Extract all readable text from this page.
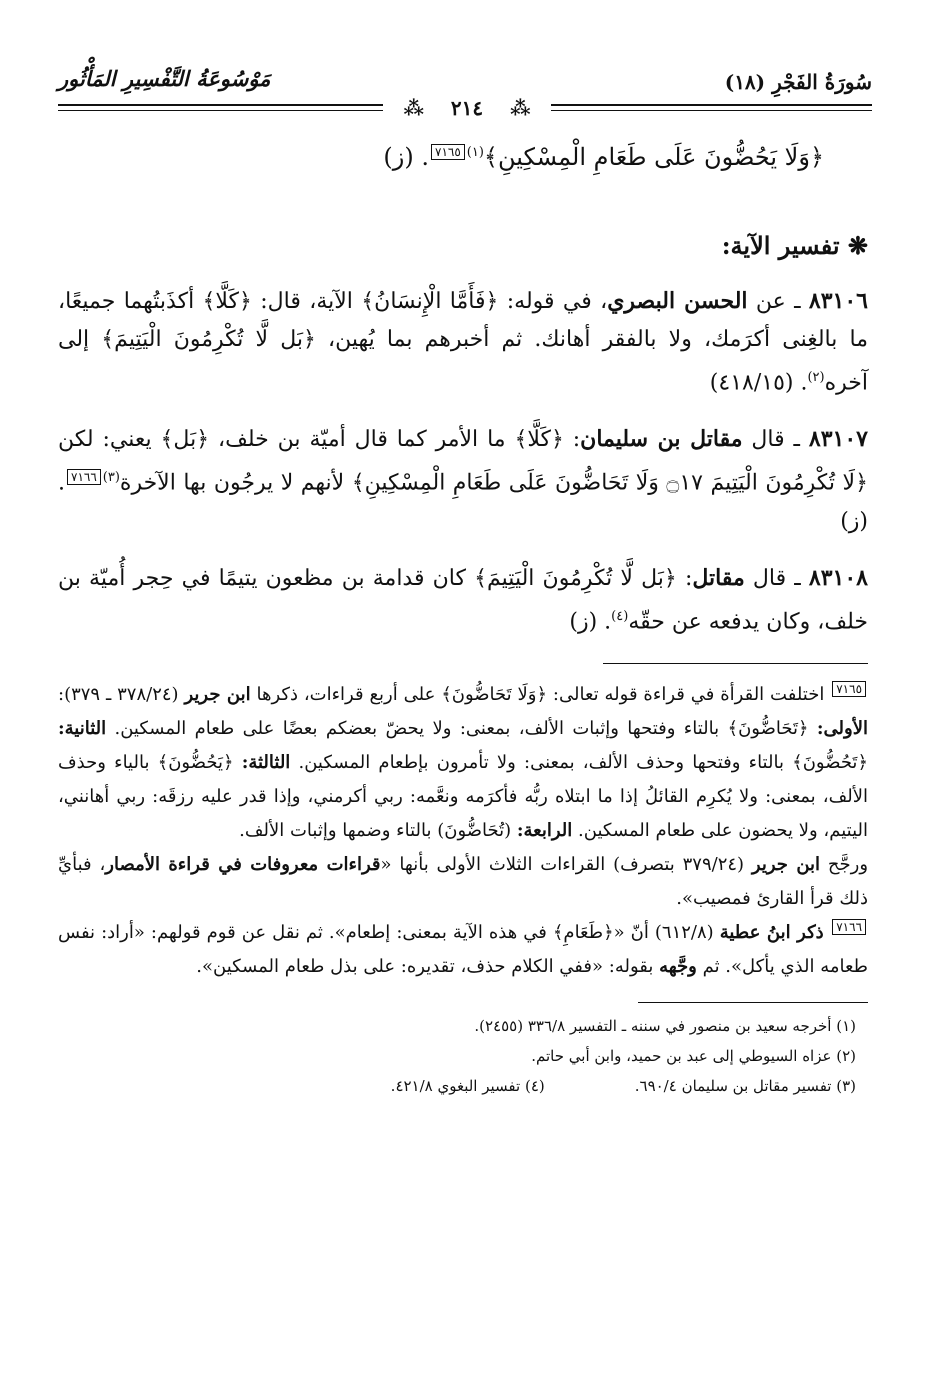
سُورَةُ الفَجْرِ (١٨)
مَوْسُوعَةُ التَّفْسِيرِ المَأْثُور
⁂ ٢١٤ ⁂
﴿وَلَا يَحُضُّونَ عَلَى طَعَامِ الْمِسْكِينِ﴾$^{(١)}$٧١٦٥. (ز)
❋ تفسير الآية:
٨٣١٠٦ ـ عن الحسن البصري، في قوله: ﴿فَأَمَّا الْإِنسَانُ﴾ الآية، قال: ﴿كَلَّا﴾ أكذَبتُهما جميعًا، ما بالغِنى أكرَمك، ولا بالفقر أهانك. ثم أخبرهم بما يُهين، ﴿بَل لَّا تُكْرِمُونَ الْيَتِيمَ﴾ إلى آخره$^{(٢)}$. (٤١٨/١٥)
٨٣١٠٧ ـ قال مقاتل بن سليمان: ﴿كَلَّا﴾ ما الأمر كما قال أميّة بن خلف، ﴿بَل﴾ يعني: لكن ﴿لَا تُكْرِمُونَ الْيَتِيمَ ۝١٧ وَلَا تَحَاضُّونَ عَلَى طَعَامِ الْمِسْكِينِ﴾ لأنهم لا يرجُون بها الآخرة$^{(٣)}$٧١٦٦. (ز)
٨٣١٠٨ ـ قال مقاتل: ﴿بَل لَّا تُكْرِمُونَ الْيَتِيمَ﴾ كان قدامة بن مظعون يتيمًا في حِجر أُميّة بن خلف، وكان يدفعه عن حقّه$^{(٤)}$. (ز)

٧١٦٥ اختلفت القرأة في قراءة قوله تعالى: ﴿وَلَا تَحَاضُّونَ﴾ على أربع قراءات، ذكرها ابن جرير (٣٧٨/٢٤ ـ ٣٧٩): الأولى: ﴿تَحَاضُّونَ﴾ بالتاء وفتحها وإثبات الألف، بمعنى: ولا يحضّ بعضكم بعضًا على طعام المسكين. الثانية: ﴿تَحُضُّونَ﴾ بالتاء وفتحها وحذف الألف، بمعنى: ولا تأمرون بإطعام المسكين. الثالثة: ﴿يَحُضُّونَ﴾ بالياء وحذف الألف، بمعنى: ولا يُكرِم القائلُ إذا ما ابتلاه ربُّه فأكرَمه ونعَّمه: ربي أكرمني، وإذا قدر عليه رزقَه: ربي أهانني، اليتيم، ولا يحضون على طعام المسكين. الرابعة: (تُحَاضُّونَ) بالتاء وضمها وإثبات الألف.

ورجَّح ابن جرير (٣٧٩/٢٤ بتصرف) القراءات الثلاث الأولى بأنها «قراءات معروفات في قراءة الأمصار، فبأيِّ ذلك قرأ القارئ فمصيب».

٧١٦٦ ذكر ابنُ عطية (٦١٢/٨) أنّ «﴿طَعَامِ﴾ في هذه الآية بمعنى: إطعام». ثم نقل عن قوم قولهم: «أراد: نفس طعامه الذي يأكل». ثم وجَّهه بقوله: «ففي الكلام حذف، تقديره: على بذل طعام المسكين».

(١) أخرجه سعيد بن منصور في سننه ـ التفسير ٣٣٦/٨ (٢٤٥٥).

(٢) عزاه السيوطي إلى عبد بن حميد، وابن أبي حاتم.

(٣) تفسير مقاتل بن سليمان ٦٩٠/٤.(٤) تفسير البغوي ٤٢١/٨.
